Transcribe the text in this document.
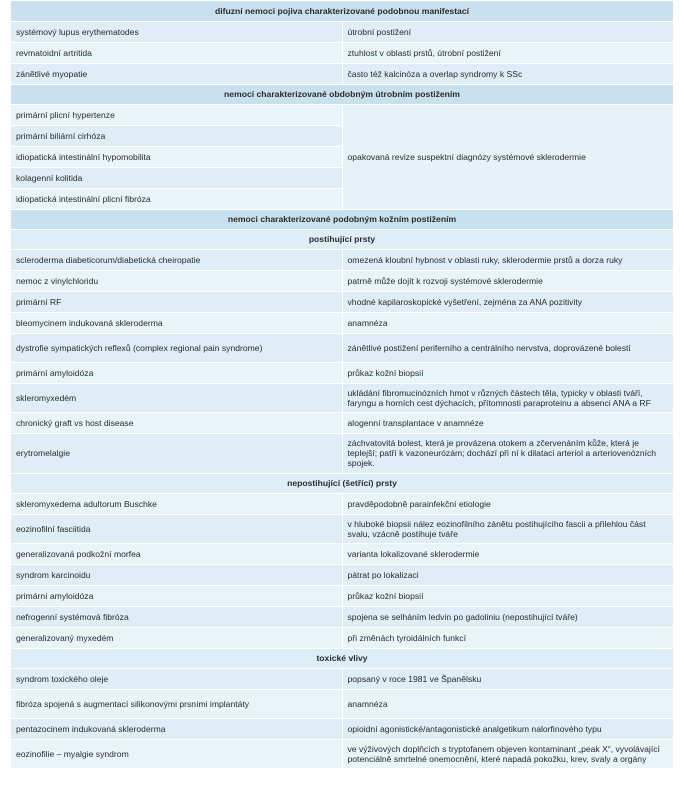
difuzní nemoci pojiva charakterizované podobnou manifestací	
systémový lupus erythematodes	útrobní postižení
revmatoidní artritida	ztuhlost v oblasti prstů, útrobní postižení
zánětlivé myopatie	často též kalcinóza a overlap syndromy k SSc
nemoci charakterizované obdobným útrobním postižením	
primární plicní hypertenze	opakovaná revize suspektní diagnózy systémové sklerodermie
primární biliární cirhóza	
idiopatická intestinální hypomobilita	
kolagenní kolitida	
idiopatická intestinální plicní fibróza	
nemoci charakterizované podobným kožním postižením	
postihující prsty	
scleroderma diabeticorum/diabetická cheiropatie	omezená kloubní hybnost v oblasti ruky, sklerodermie prstů a dorza ruky
nemoc z vinylchloridu	patrně může dojít k rozvoji systémové sklerodermie
primární RF	vhodné kapilaroskopické vyšetření, zejména za ANA pozitivity
bleomycinem indukovaná skleroderma	anamnéza
dystrofie sympatických reflexů (complex regional pain syndrome)	zánětlivé postižení periferního a centrálního nervstva, doprovázené bolestí
primární amyloidóza	průkaz kožní biopsií
skleromyxedém	ukládání fibromucinózních hmot v různých částech těla, typicky v oblasti tváří, faryngu a horních cest dýchacích, přítomnosti paraproteinu a absenci ANA a RF
chronický graft vs host disease	alogenní transplantace v anamnéze
erytromelalgie	záchvatovitá bolest, která je provázena otokem a zčervenáním kůže, která je teplejší; patří k vazoneurózám; dochází při ní k dilataci arteriol a arteriovenózních spojek.
nepostihující (šetřící) prsty	
skleromyxedema adultorum Buschke	pravděpodobně parainfekční etiologie
eozinofilní fasciitida	v hluboké biopsii nález eozinofilního zánětu postihujícího fascii a přilehlou část svalu, vzácně postihuje tváře
generalizovaná podkožní morfea	varianta lokalizované sklerodermie
syndrom karcinoidu	pátrat po lokalizaci
primární amyloidóza	průkaz kožní biopsií
nefrogenní systémová fibróza	spojena se selháním ledvin po gadoliniu (nepostihující tváře)
generalizovaný myxedém	při změnách tyroidálních funkcí
toxické vlivy	
syndrom toxického oleje	popsaný v roce 1981 ve Španělsku
fibróza spojená s augmentací silikonovými prsními implantáty	anamnéza
pentazocinem indukovaná skleroderma	opioidní agonistické/antagonistické analgetikum nalorfinového typu
eozinofilie – myalgie syndrom	ve výživových doplňcích s tryptofanem objeven kontaminant „peak X“, vyvolávající potenciálně smrtelné onemocnění, které napadá pokožku, krev, svaly a orgány
